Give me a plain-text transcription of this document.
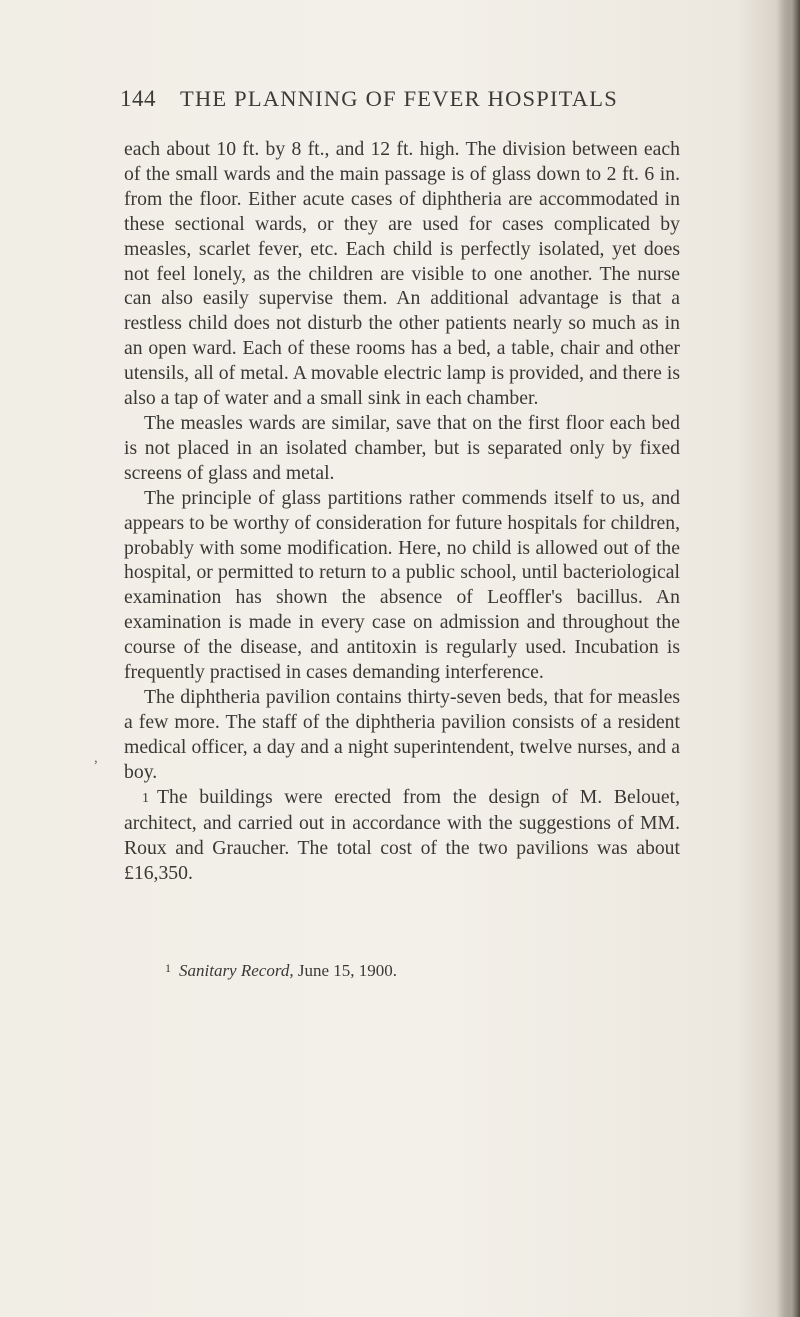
144	THE PLANNING OF FEVER HOSPITALS

each about 10 ft. by 8 ft., and 12 ft. high. The division between each of the small wards and the main passage is of glass down to 2 ft. 6 in. from the floor. Either acute cases of diphtheria are accommodated in these sectional wards, or they are used for cases complicated by measles, scarlet fever, etc. Each child is perfectly isolated, yet does not feel lonely, as the children are visible to one another. The nurse can also easily supervise them. An additional advantage is that a restless child does not disturb the other patients nearly so much as in an open ward. Each of these rooms has a bed, a table, chair and other utensils, all of metal. A movable electric lamp is provided, and there is also a tap of water and a small sink in each chamber.

The measles wards are similar, save that on the first floor each bed is not placed in an isolated chamber, but is separated only by fixed screens of glass and metal.

The principle of glass partitions rather commends itself to us, and appears to be worthy of consideration for future hospitals for children, probably with some modification. Here, no child is allowed out of the hospital, or permitted to return to a public school, until bacteriological examination has shown the absence of Leoffler's bacillus. An examination is made in every case on admission and throughout the course of the disease, and antitoxin is regularly used. Incubation is frequently practised in cases demanding interference.

The diphtheria pavilion contains thirty-seven beds, that for measles a few more. The staff of the diphtheria pavilion consists of a resident medical officer, a day and a night superintendent, twelve nurses, and a boy.

1 The buildings were erected from the design of M. Belouet, architect, and carried out in accordance with the suggestions of MM. Roux and Graucher. The total cost of the two pavilions was about £16,350.

,
$^1$ Sanitary Record, June 15, 1900.
